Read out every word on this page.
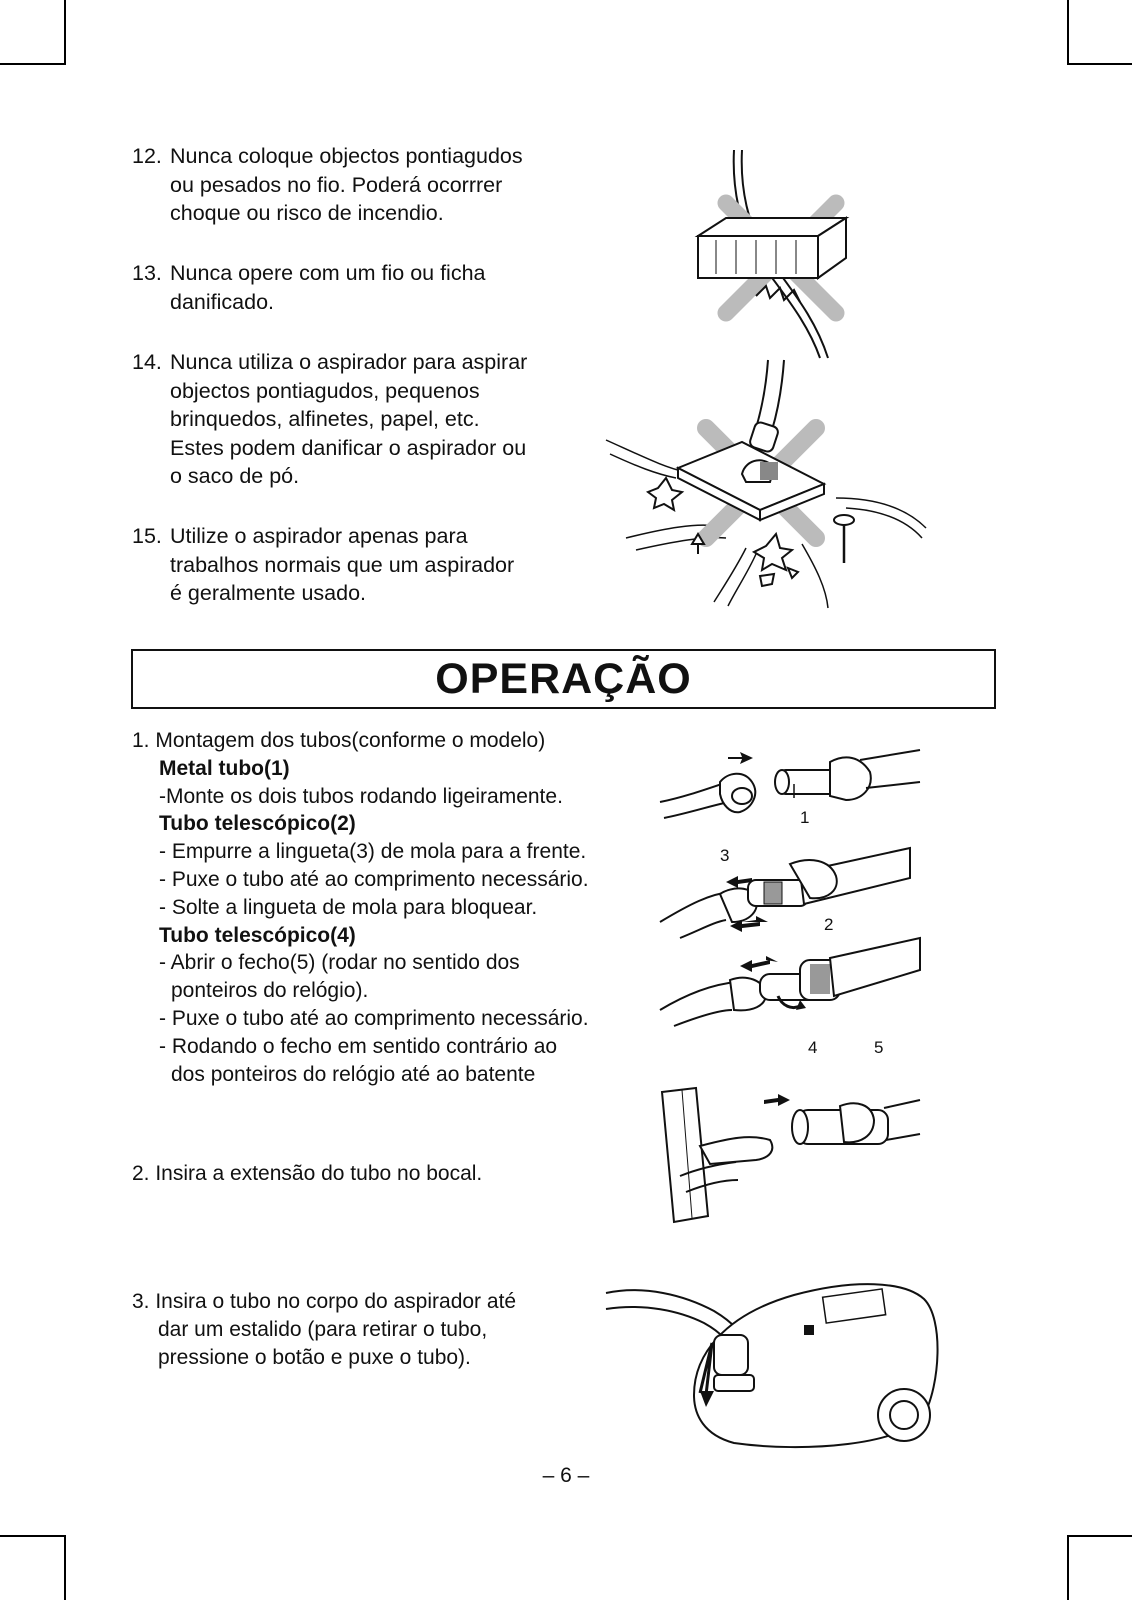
12. Nunca coloque objectos pontiagudos
ou pesados no fio. Poderá ocorrrer
choque ou risco de incendio.
13. Nunca opere com um fio ou ficha
danificado.
14. Nunca utiliza o aspirador para aspirar
objectos pontiagudos, pequenos
brinquedos, alfinetes, papel, etc.
Estes podem danificar o aspirador ou
o saco de pó.
15. Utilize o aspirador apenas para
trabalhos normais que um aspirador
é geralmente usado.
OPERAÇÃO
1. Montagem dos tubos(conforme o modelo)
Metal tubo(1)
-Monte os dois tubos rodando ligeiramente.
Tubo telescópico(2)
- Empurre a lingueta(3) de mola para a frente.
- Puxe o tubo até ao comprimento necessário.
- Solte a lingueta de mola para bloquear.
Tubo telescópico(4)
- Abrir o fecho(5) (rodar no sentido dos
ponteiros do relógio).
- Puxe o tubo até ao comprimento necessário.
- Rodando o fecho em sentido contrário ao
dos ponteiros do relógio até ao batente
2. Insira a extensão do tubo no bocal.
3. Insira o tubo no corpo do aspirador até
dar um estalido (para retirar o tubo,
pressione o botão e puxe o tubo).
1
3
2
4	5
– 6 –
